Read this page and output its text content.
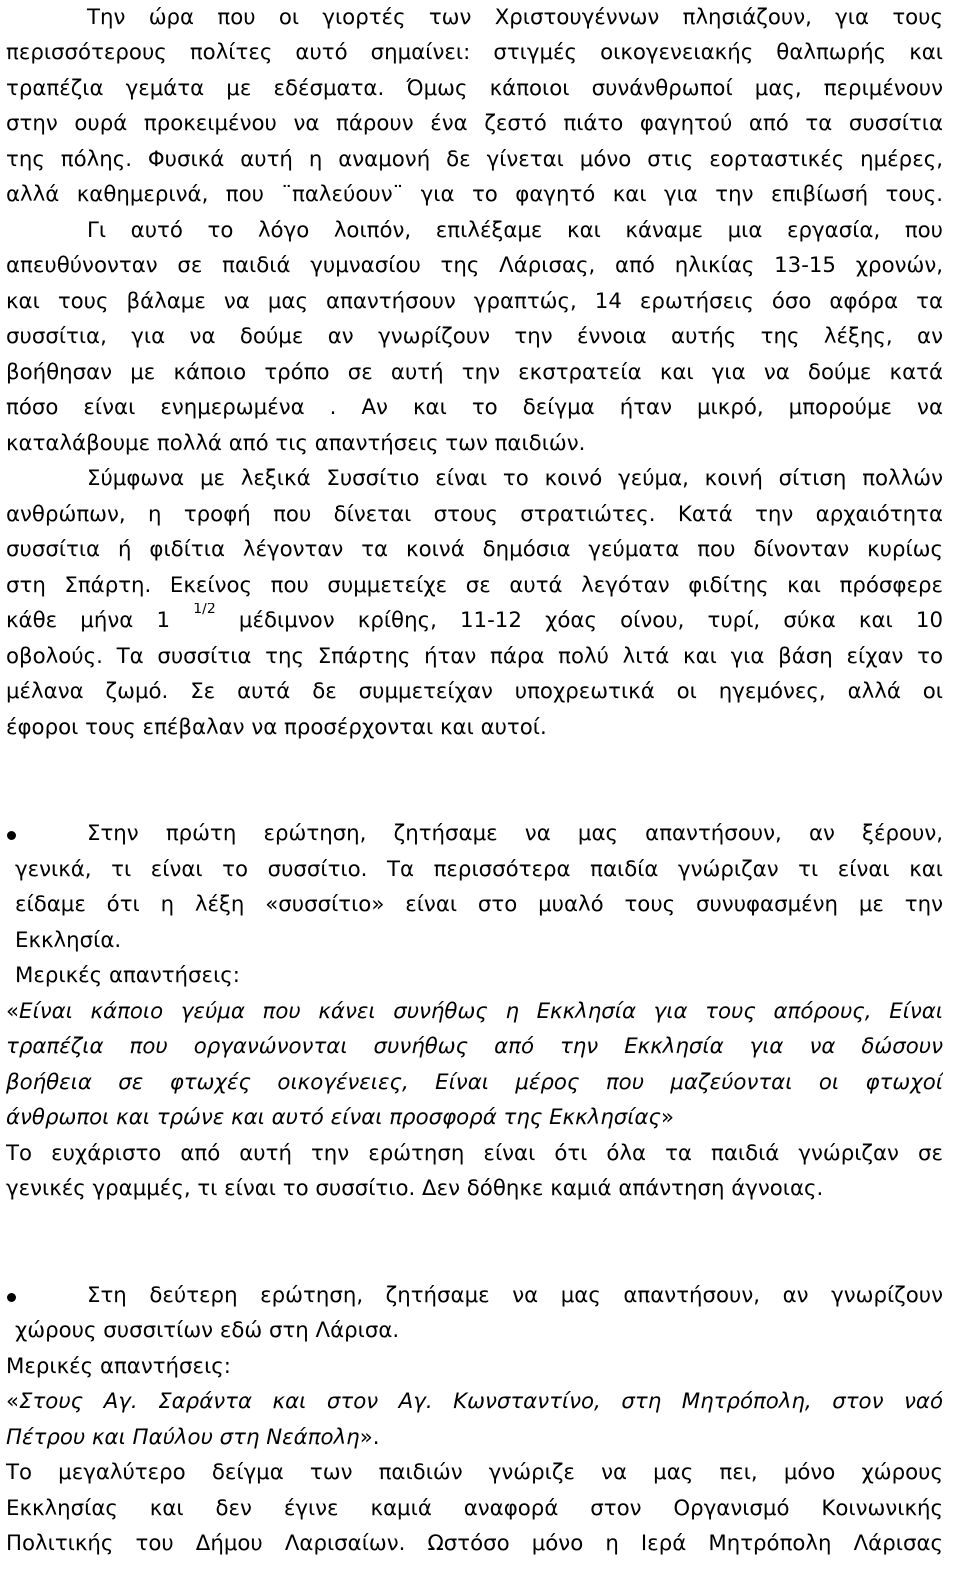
Την ώρα που οι γιορτές των Χριστουγέννων πλησιάζουν, για τους
περισσότερους πολίτες αυτό σημαίνει: στιγμές οικογενειακής θαλπωρής και
τραπέζια γεμάτα με εδέσματα. Όμως κάποιοι συνάνθρωποί μας, περιμένουν
στην ουρά προκειμένου να πάρουν ένα ζεστό πιάτο φαγητού από τα συσσίτια
της πόλης. Φυσικά αυτή η αναμονή δε γίνεται μόνο στις εορταστικές ημέρες,
αλλά καθημερινά, που ¨παλεύουν¨ για το φαγητό και για την επιβίωσή τους.
Γι αυτό το λόγο λοιπόν, επιλέξαμε και κάναμε μια εργασία, που
απευθύνονταν σε παιδιά γυμνασίου της Λάρισας, από ηλικίας 13-15 χρονών,
και τους βάλαμε να μας απαντήσουν γραπτώς, 14 ερωτήσεις όσο αφόρα τα
συσσίτια, για να δούμε αν γνωρίζουν την έννοια αυτής της λέξης, αν
βοήθησαν με κάποιο τρόπο σε αυτή την εκστρατεία και για να δούμε κατά
πόσο είναι ενημερωμένα . Αν και το δείγμα ήταν μικρό, μπορούμε να
καταλάβουμε πολλά από τις απαντήσεις των παιδιών.
Σύμφωνα με λεξικά Συσσίτιο είναι το κοινό γεύμα, κοινή σίτιση πολλών
ανθρώπων, η τροφή που δίνεται στους στρατιώτες. Κατά την αρχαιότητα
συσσίτια ή φιδίτια λέγονταν τα κοινά δημόσια γεύματα που δίνονταν κυρίως
στη Σπάρτη. Εκείνος που συμμετείχε σε αυτά λεγόταν φιδίτης και πρόσφερε
κάθε μήνα 1 $^{1/2}$ μέδιμνον κρίθης, 11-12 χόας οίνου, τυρί, σύκα και 10
οβολούς. Τα συσσίτια της Σπάρτης ήταν πάρα πολύ λιτά και για βάση είχαν το
μέλανα ζωμό. Σε αυτά δε συμμετείχαν υποχρεωτικά οι ηγεμόνες, αλλά οι
έφοροι τους επέβαλαν να προσέρχονται και αυτοί.
Στην πρώτη ερώτηση, ζητήσαμε να μας απαντήσουν, αν ξέρουν,
γενικά, τι είναι το συσσίτιο. Τα περισσότερα παιδία γνώριζαν τι είναι και
είδαμε ότι η λέξη «συσσίτιο» είναι στο μυαλό τους συνυφασμένη με την
Εκκλησία.
Μερικές απαντήσεις:
«Είναι κάποιο γεύμα που κάνει συνήθως η Εκκλησία για τους απόρους, Είναι
τραπέζια που οργανώνονται συνήθως από την Εκκλησία για να δώσουν
βοήθεια σε φτωχές οικογένειες, Είναι μέρος που μαζεύονται οι φτωχοί
άνθρωποι και τρώνε και αυτό είναι προσφορά της Εκκλησίας»
Το ευχάριστο από αυτή την ερώτηση είναι ότι όλα τα παιδιά γνώριζαν σε
γενικές γραμμές, τι είναι το συσσίτιο. Δεν δόθηκε καμιά απάντηση άγνοιας.
Στη δεύτερη ερώτηση, ζητήσαμε να μας απαντήσουν, αν γνωρίζουν
χώρους συσσιτίων εδώ στη Λάρισα.
Μερικές απαντήσεις:
«Στους Αγ. Σαράντα και στον Αγ. Κωνσταντίνο, στη Μητρόπολη, στον ναό
Πέτρου και Παύλου στη Νεάπολη».
Το μεγαλύτερο δείγμα των παιδιών γνώριζε να μας πει, μόνο χώρους
Εκκλησίας και δεν έγινε καμιά αναφορά στον Οργανισμό Κοινωνικής
Πολιτικής του Δήμου Λαρισαίων. Ωστόσο μόνο η Ιερά Μητρόπολη Λάρισας
